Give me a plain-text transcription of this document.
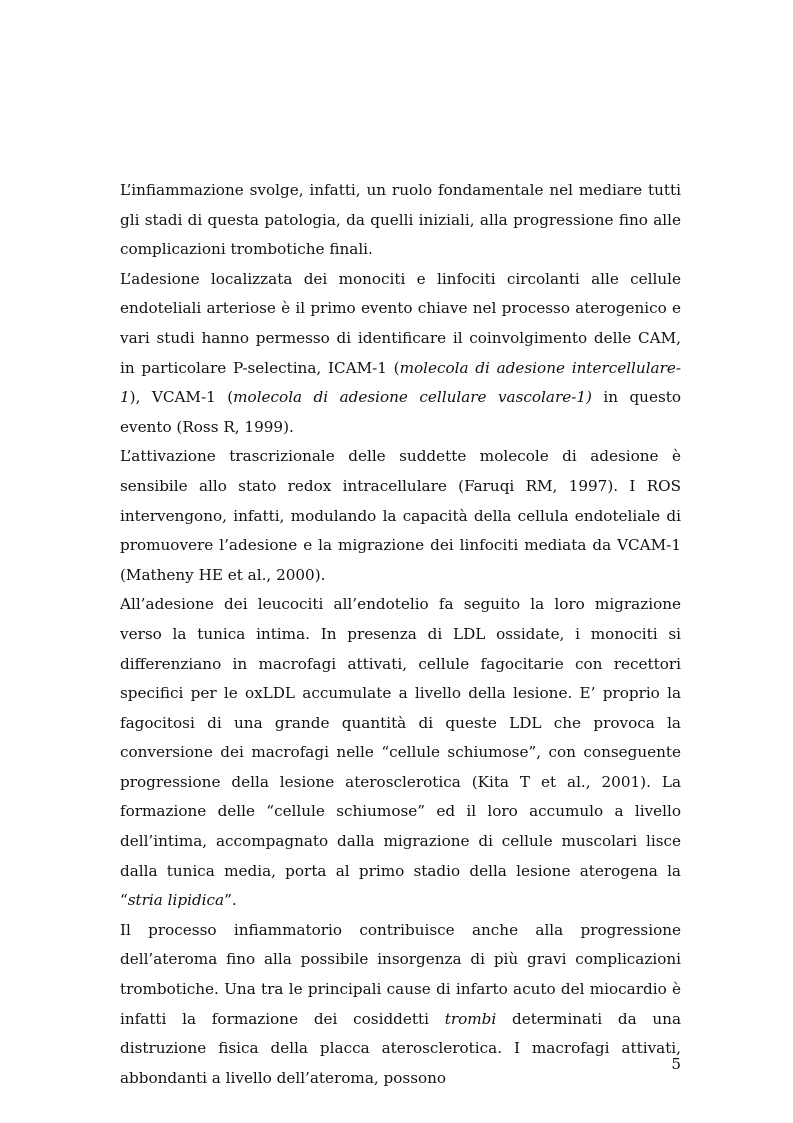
L’infiammazione svolge, infatti, un ruolo fondamentale nel mediare tutti gli stadi di questa patologia, da quelli iniziali, alla progressione fino alle complicazioni trombotiche finali.

L’adesione localizzata dei monociti e linfociti circolanti alle cellule endoteliali arteriose è il primo evento chiave nel processo aterogenico e vari studi hanno permesso di identificare il coinvolgimento delle CAM, in particolare P-selectina, ICAM-1 (molecola di adesione intercellulare-1), VCAM-1 (molecola di adesione cellulare vascolare-1) in questo evento (Ross R, 1999).

L’attivazione trascrizionale delle suddette molecole di adesione è sensibile allo stato redox intracellulare (Faruqi RM, 1997). I ROS intervengono, infatti, modulando la capacità della cellula endoteliale di promuovere l’adesione e la migrazione dei linfociti mediata da VCAM-1 (Matheny HE et al., 2000).

All’adesione dei leucociti all’endotelio fa seguito la loro migrazione verso la tunica intima. In presenza di LDL ossidate, i monociti si differenziano in macrofagi attivati, cellule fagocitarie con recettori specifici per le oxLDL accumulate a livello della lesione. E’ proprio la fagocitosi di una grande quantità di queste LDL che provoca la conversione dei macrofagi nelle “cellule schiumose”, con conseguente progressione della lesione aterosclerotica (Kita T et al., 2001). La formazione delle “cellule schiumose” ed il loro accumulo a livello dell’intima, accompagnato dalla migrazione di cellule muscolari lisce dalla tunica media, porta al primo stadio della lesione aterogena la “stria lipidica”.

Il processo infiammatorio contribuisce anche alla progressione dell’ateroma fino alla possibile insorgenza di più gravi complicazioni trombotiche. Una tra le principali cause di infarto acuto del miocardio è infatti la formazione dei cosiddetti trombi determinati da una distruzione fisica della placca aterosclerotica. I macrofagi attivati, abbondanti a livello dell’ateroma, possono

5
